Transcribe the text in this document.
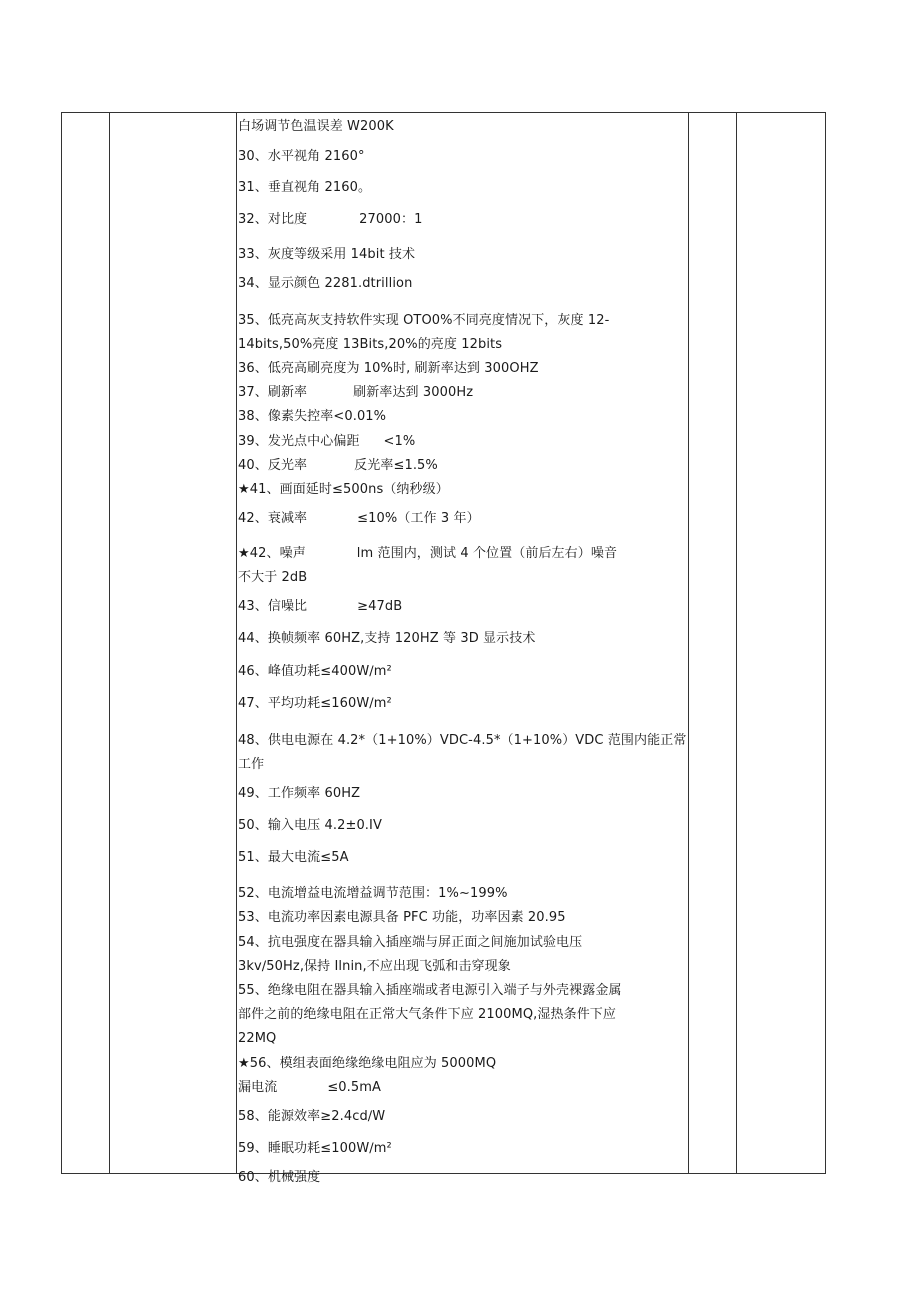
白场调节色温误差 W200K
30、水平视角 2160°
31、垂直视角 2160。
32、对比度	27000：1
33、灰度等级采用 14bit 技术
34、显示颜色 2281.dtrillion
35、低亮高灰支持软件实现 OTO0%不同亮度情况下，灰度 12-
14bits,50%亮度 13Bits,20%的亮度 12bits
36、低亮高刷亮度为 10%时, 刷新率达到 300OHZ
37、刷新率	刷新率达到 3000Hz
38、像素失控率<0.01%
39、发光点中心偏距 <1%
40、反光率	反光率≤1.5%
★41、画面延时≤500ns（纳秒级）
42、衰减率	≤10%（工作 3 年）
★42、噪声	lm 范围内，测试 4 个位置（前后左右）噪音
不大于 2dB
43、信噪比	≥47dB
44、换帧频率 60HZ,支持 120HZ 等 3D 显示技术
46、峰值功耗≤400W∕m²
47、平均功耗≤160W∕m²
48、供电电源在 4.2*（1+10%）VDC-4.5*（1+10%）VDC 范围内能正常
工作
49、工作频率 60HZ
50、输入电压 4.2±0.IV
51、最大电流≤5A
52、电流增益电流增益调节范围：1%~199%
53、电流功率因素电源具备 PFC 功能，功率因素 20.95
54、抗电强度在器具输入插座端与屏正面之间施加试验电压
3kv∕50Hz,保持 Ilnin,不应出现飞弧和击穿现象
55、绝缘电阻在器具输入插座端或者电源引入端子与外壳裸露金属
部件之前的绝缘电阻在正常大气条件下应 2100MQ,湿热条件下应
22MQ
★56、模组表面绝缘绝缘电阻应为 5000MQ
漏电流	≤0.5mA
58、能源效率≥2.4cd∕W
59、睡眠功耗≤100W∕m²
60、机械强度
